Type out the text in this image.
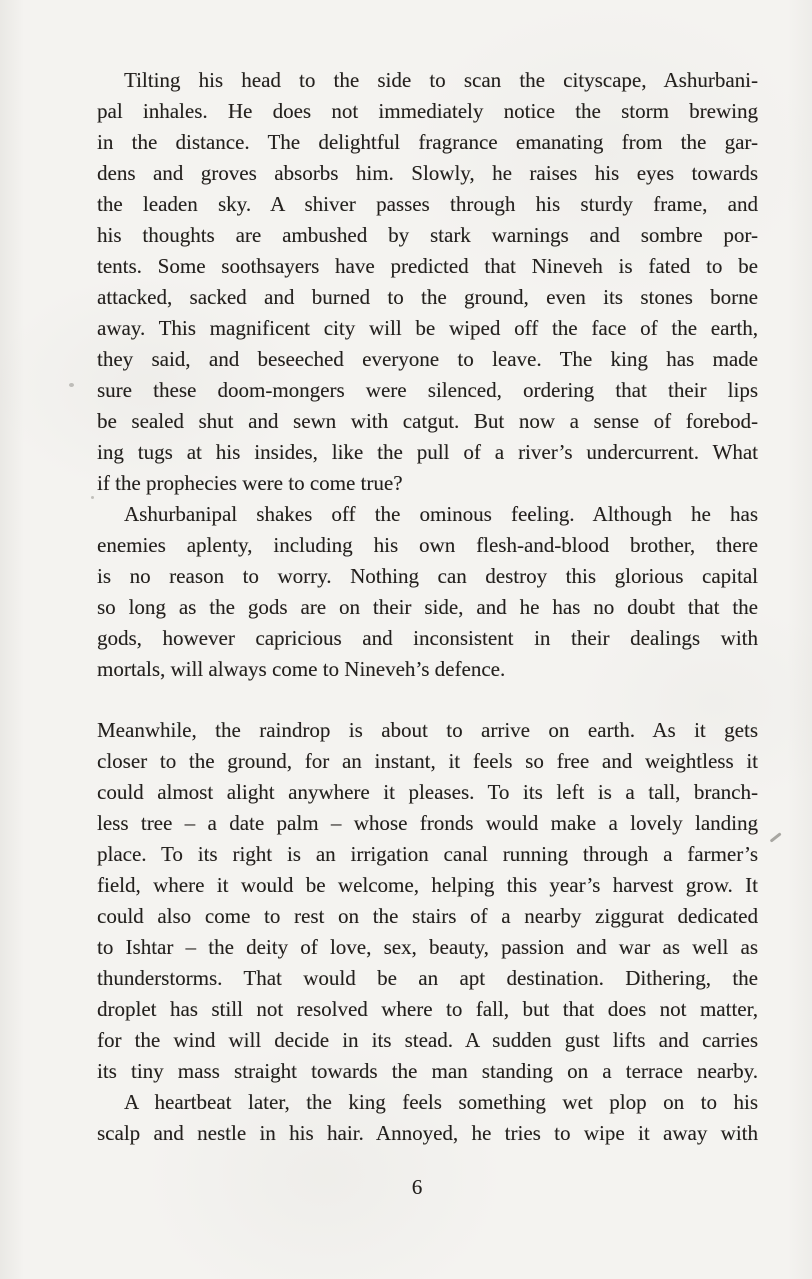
Tilting his head to the side to scan the cityscape, Ashurbani-
pal inhales. He does not immediately notice the storm brewing
in the distance. The delightful fragrance emanating from the gar-
dens and groves absorbs him. Slowly, he raises his eyes towards
the leaden sky. A shiver passes through his sturdy frame, and
his thoughts are ambushed by stark warnings and sombre por-
tents. Some soothsayers have predicted that Nineveh is fated to be
attacked, sacked and burned to the ground, even its stones borne
away. This magnificent city will be wiped off the face of the earth,
they said, and beseeched everyone to leave. The king has made
sure these doom-mongers were silenced, ordering that their lips
be sealed shut and sewn with catgut. But now a sense of forebod-
ing tugs at his insides, like the pull of a river’s undercurrent. What
if the prophecies were to come true?
Ashurbanipal shakes off the ominous feeling. Although he has
enemies aplenty, including his own flesh-and-blood brother, there
is no reason to worry. Nothing can destroy this glorious capital
so long as the gods are on their side, and he has no doubt that the
gods, however capricious and inconsistent in their dealings with
mortals, will always come to Nineveh’s defence.
Meanwhile, the raindrop is about to arrive on earth. As it gets
closer to the ground, for an instant, it feels so free and weightless it
could almost alight anywhere it pleases. To its left is a tall, branch-
less tree – a date palm – whose fronds would make a lovely landing
place. To its right is an irrigation canal running through a farmer’s
field, where it would be welcome, helping this year’s harvest grow. It
could also come to rest on the stairs of a nearby ziggurat dedicated
to Ishtar – the deity of love, sex, beauty, passion and war as well as
thunderstorms. That would be an apt destination. Dithering, the
droplet has still not resolved where to fall, but that does not matter,
for the wind will decide in its stead. A sudden gust lifts and carries
its tiny mass straight towards the man standing on a terrace nearby.
A heartbeat later, the king feels something wet plop on to his
scalp and nestle in his hair. Annoyed, he tries to wipe it away with
6
